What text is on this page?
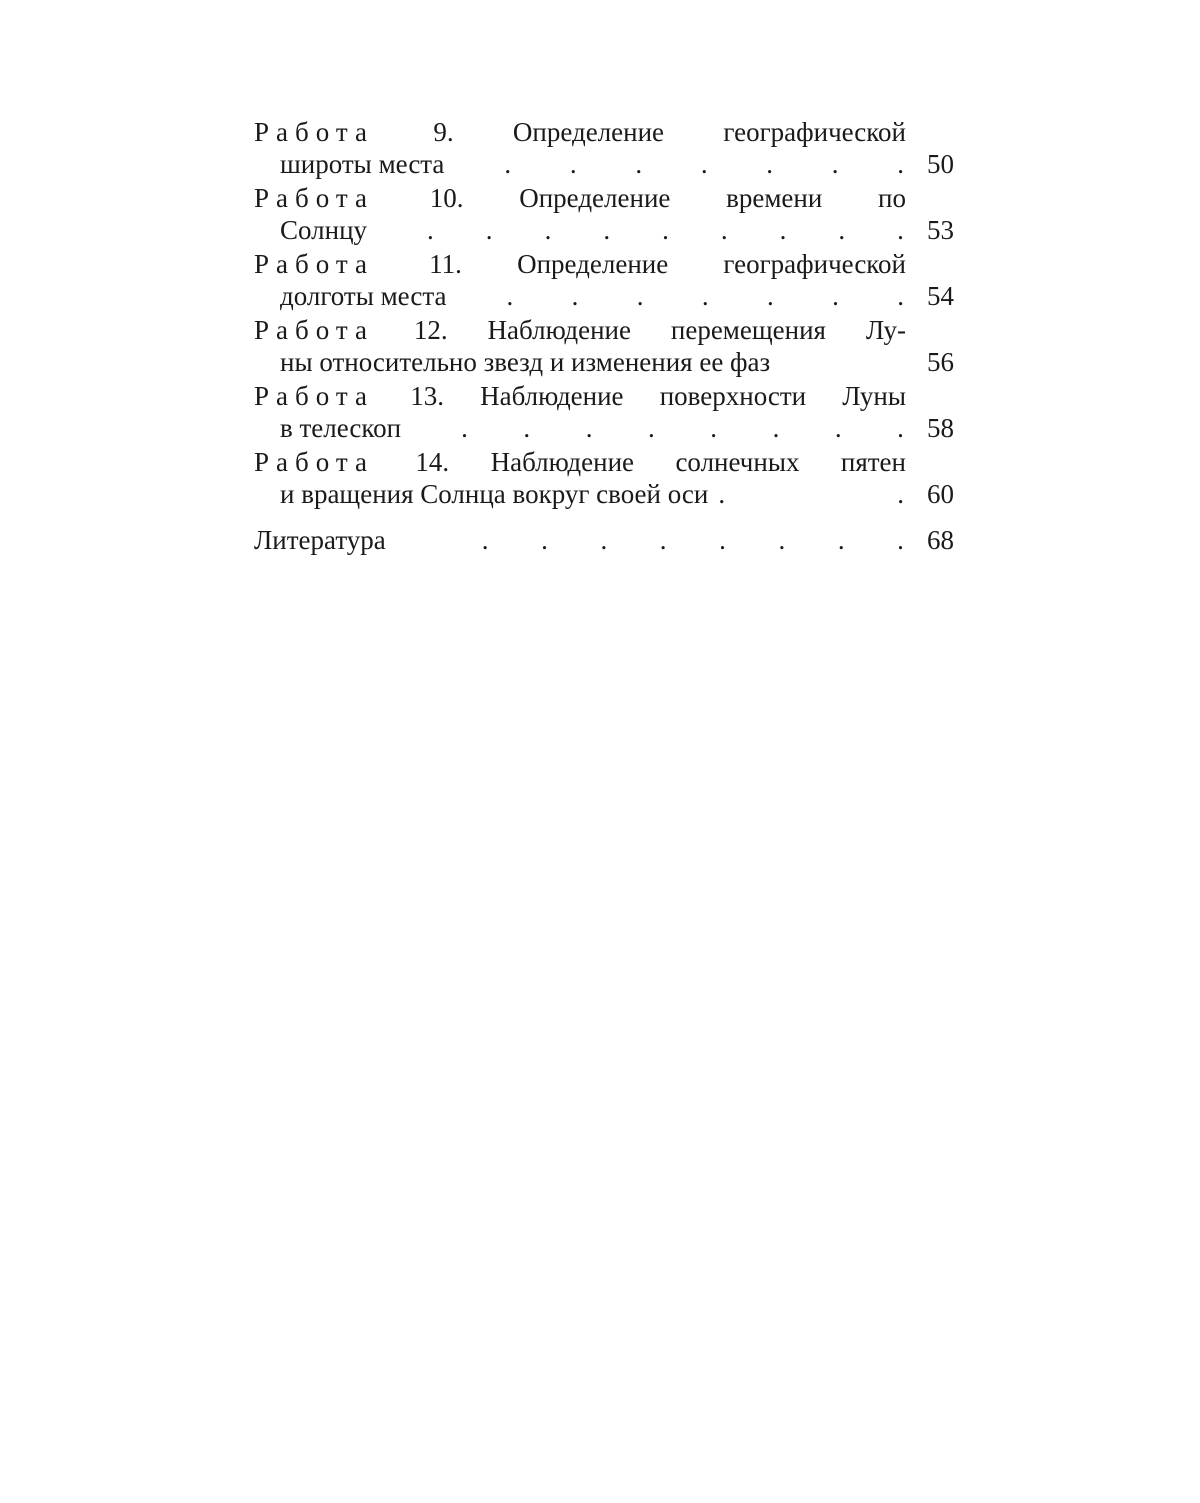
Работа 9. Определение географической
широты места . . . . . . . 50
Работа 10. Определение времени по
Солнцу . . . . . . . . . 53
Работа 11. Определение географической
долготы места . . . . . . . 54
Работа 12. Наблюдение перемещения Лу-
ны относительно звезд и изменения ее фаз	56
Работа 13. Наблюдение поверхности Луны
в телескоп . . . . . . . . 58
Работа 14. Наблюдение солнечных пятен
и вращения Солнца вокруг своей оси .	. 60
Литература	. . . . . . . . 68
